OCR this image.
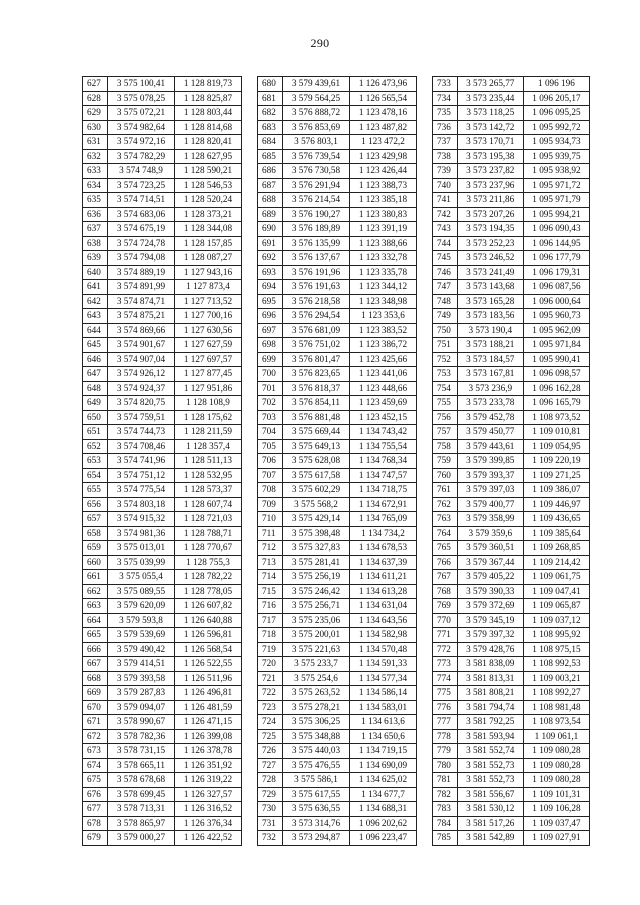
290
627	3 575 100,41	1 128 819,73
628	3 575 078,25	1 128 825,87
629	3 575 072,21	1 128 803,44
630	3 574 982,64	1 128 814,68
631	3 574 972,16	1 128 820,41
632	3 574 782,29	1 128 627,95
633	3 574 748,9	1 128 590,21
634	3 574 723,25	1 128 546,53
635	3 574 714,51	1 128 520,24
636	3 574 683,06	1 128 373,21
637	3 574 675,19	1 128 344,08
638	3 574 724,78	1 128 157,85
639	3 574 794,08	1 128 087,27
640	3 574 889,19	1 127 943,16
641	3 574 891,99	1 127 873,4
642	3 574 874,71	1 127 713,52
643	3 574 875,21	1 127 700,16
644	3 574 869,66	1 127 630,56
645	3 574 901,67	1 127 627,59
646	3 574 907,04	1 127 697,57
647	3 574 926,12	1 127 877,45
648	3 574 924,37	1 127 951,86
649	3 574 820,75	1 128 108,9
650	3 574 759,51	1 128 175,62
651	3 574 744,73	1 128 211,59
652	3 574 708,46	1 128 357,4
653	3 574 741,96	1 128 511,13
654	3 574 751,12	1 128 532,95
655	3 574 775,54	1 128 573,37
656	3 574 803,18	1 128 607,74
657	3 574 915,32	1 128 721,03
658	3 574 981,36	1 128 788,71
659	3 575 013,01	1 128 770,67
660	3 575 039,99	1 128 755,3
661	3 575 055,4	1 128 782,22
662	3 575 089,55	1 128 778,05
663	3 579 620,09	1 126 607,82
664	3 579 593,8	1 126 640,88
665	3 579 539,69	1 126 596,81
666	3 579 490,42	1 126 568,54
667	3 579 414,51	1 126 522,55
668	3 579 393,58	1 126 511,96
669	3 579 287,83	1 126 496,81
670	3 579 094,07	1 126 481,59
671	3 578 990,67	1 126 471,15
672	3 578 782,36	1 126 399,08
673	3 578 731,15	1 126 378,78
674	3 578 665,11	1 126 351,92
675	3 578 678,68	1 126 319,22
676	3 578 699,45	1 126 327,57
677	3 578 713,31	1 126 316,52
678	3 578 865,97	1 126 376,34
679	3 579 000,27	1 126 422,52
680	3 579 439,61	1 126 473,96
681	3 579 564,25	1 126 565,54
682	3 576 888,72	1 123 478,16
683	3 576 853,69	1 123 487,82
684	3 576 803,1	1 123 472,2
685	3 576 739,54	1 123 429,98
686	3 576 730,58	1 123 426,44
687	3 576 291,94	1 123 388,73
688	3 576 214,54	1 123 385,18
689	3 576 190,27	1 123 380,83
690	3 576 189,89	1 123 391,19
691	3 576 135,99	1 123 388,66
692	3 576 137,67	1 123 332,78
693	3 576 191,96	1 123 335,78
694	3 576 191,63	1 123 344,12
695	3 576 218,58	1 123 348,98
696	3 576 294,54	1 123 353,6
697	3 576 681,09	1 123 383,52
698	3 576 751,02	1 123 386,72
699	3 576 801,47	1 123 425,66
700	3 576 823,65	1 123 441,06
701	3 576 818,37	1 123 448,66
702	3 576 854,11	1 123 459,69
703	3 576 881,48	1 123 452,15
704	3 575 669,44	1 134 743,42
705	3 575 649,13	1 134 755,54
706	3 575 628,08	1 134 768,34
707	3 575 617,58	1 134 747,57
708	3 575 602,29	1 134 718,75
709	3 575 568,2	1 134 672,91
710	3 575 429,14	1 134 765,09
711	3 575 398,48	1 134 734,2
712	3 575 327,83	1 134 678,53
713	3 575 281,41	1 134 637,39
714	3 575 256,19	1 134 611,21
715	3 575 246,42	1 134 613,28
716	3 575 256,71	1 134 631,04
717	3 575 235,06	1 134 643,56
718	3 575 200,01	1 134 582,98
719	3 575 221,63	1 134 570,48
720	3 575 233,7	1 134 591,33
721	3 575 254,6	1 134 577,34
722	3 575 263,52	1 134 586,14
723	3 575 278,21	1 134 583,01
724	3 575 306,25	1 134 613,6
725	3 575 348,88	1 134 650,6
726	3 575 440,03	1 134 719,15
727	3 575 476,55	1 134 690,09
728	3 575 586,1	1 134 625,02
729	3 575 617,55	1 134 677,7
730	3 575 636,55	1 134 688,31
731	3 573 314,76	1 096 202,62
732	3 573 294,87	1 096 223,47
733	3 573 265,77	1 096 196
734	3 573 235,44	1 096 205,17
735	3 573 118,25	1 096 095,25
736	3 573 142,72	1 095 992,72
737	3 573 170,71	1 095 934,73
738	3 573 195,38	1 095 939,75
739	3 573 237,82	1 095 938,92
740	3 573 237,96	1 095 971,72
741	3 573 211,86	1 095 971,79
742	3 573 207,26	1 095 994,21
743	3 573 194,35	1 096 090,43
744	3 573 252,23	1 096 144,95
745	3 573 246,52	1 096 177,79
746	3 573 241,49	1 096 179,31
747	3 573 143,68	1 096 087,56
748	3 573 165,28	1 096 000,64
749	3 573 183,56	1 095 960,73
750	3 573 190,4	1 095 962,09
751	3 573 188,21	1 095 971,84
752	3 573 184,57	1 095 990,41
753	3 573 167,81	1 096 098,57
754	3 573 236,9	1 096 162,28
755	3 573 233,78	1 096 165,79
756	3 579 452,78	1 108 973,52
757	3 579 450,77	1 109 010,81
758	3 579 443,61	1 109 054,95
759	3 579 399,85	1 109 220,19
760	3 579 393,37	1 109 271,25
761	3 579 397,03	1 109 386,07
762	3 579 400,77	1 109 446,97
763	3 579 358,99	1 109 436,65
764	3 579 359,6	1 109 385,64
765	3 579 360,51	1 109 268,85
766	3 579 367,44	1 109 214,42
767	3 579 405,22	1 109 061,75
768	3 579 390,33	1 109 047,41
769	3 579 372,69	1 109 065,87
770	3 579 345,19	1 109 037,12
771	3 579 397,32	1 108 995,92
772	3 579 428,76	1 108 975,15
773	3 581 838,09	1 108 992,53
774	3 581 813,31	1 109 003,21
775	3 581 808,21	1 108 992,27
776	3 581 794,74	1 108 981,48
777	3 581 792,25	1 108 973,54
778	3 581 593,94	1 109 061,1
779	3 581 552,74	1 109 080,28
780	3 581 552,73	1 109 080,28
781	3 581 552,73	1 109 080,28
782	3 581 556,67	1 109 101,31
783	3 581 530,12	1 109 106,28
784	3 581 517,26	1 109 037,47
785	3 581 542,89	1 109 027,91
